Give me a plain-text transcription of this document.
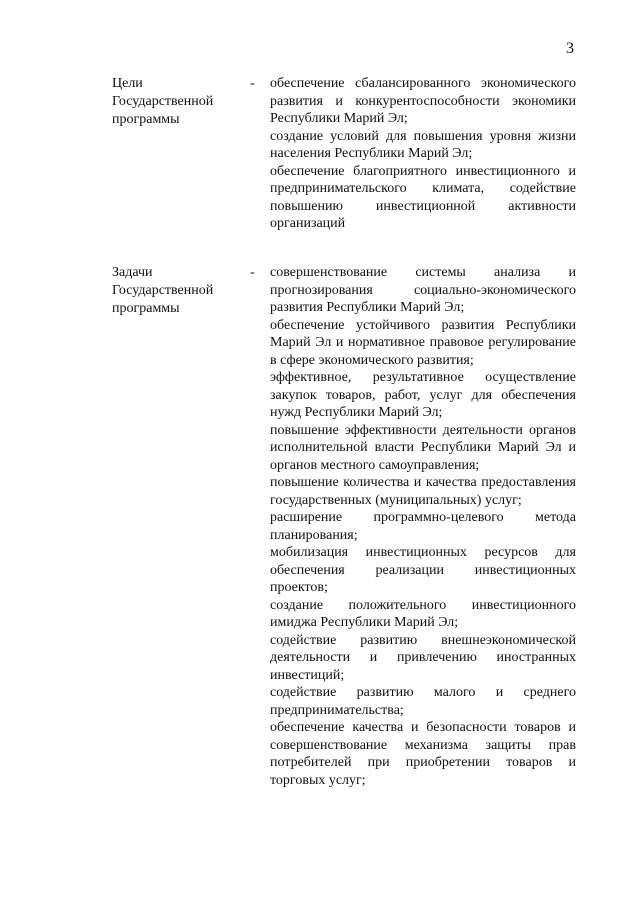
3
Цели
Государственной
программы
-	обеспечение сбалансированного экономического развития и конкурентоспособности экономики Республики Марий Эл;
создание условий для повышения уровня жизни населения Республики Марий Эл;
обеспечение благоприятного инвестиционного и предпринимательского климата, содействие повышению инвестиционной активности организаций
Задачи
Государственной
программы
-	совершенствование системы анализа и прогнозирования социально-экономического развития Республики Марий Эл;
обеспечение устойчивого развития Республики Марий Эл и нормативное правовое регулирование в сфере экономического развития;
эффективное, результативное осуществление закупок товаров, работ, услуг для обеспечения нужд Республики Марий Эл;
повышение эффективности деятельности органов исполнительной власти Республики Марий Эл и органов местного самоуправления;
повышение количества и качества предоставления государственных (муниципальных) услуг;
расширение программно-целевого метода планирования;
мобилизация инвестиционных ресурсов для обеспечения реализации инвестиционных проектов;
создание положительного инвестиционного имиджа Республики Марий Эл;
содействие развитию внешнеэкономической деятельности и привлечению иностранных инвестиций;
содействие развитию малого и среднего предпринимательства;
обеспечение качества и безопасности товаров и совершенствование механизма защиты прав потребителей при приобретении товаров и торговых услуг;
